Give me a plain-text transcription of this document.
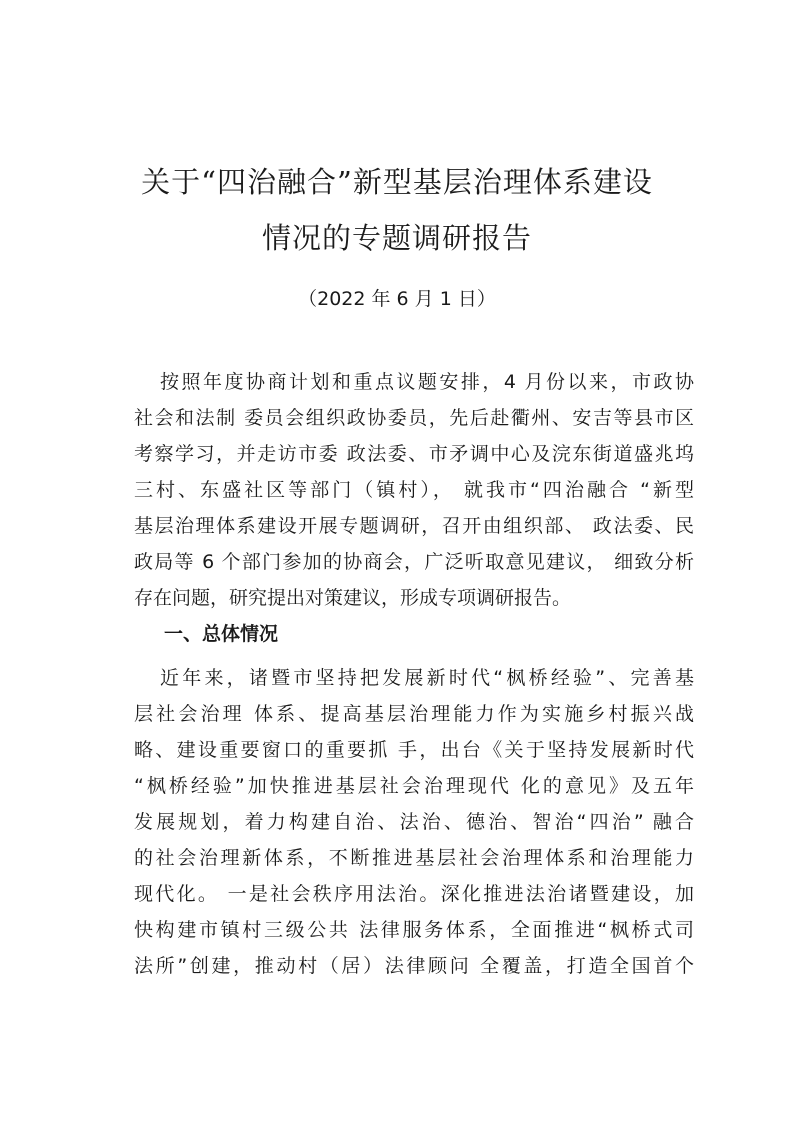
关于“四治融合”新型基层治理体系建设
情况的专题调研报告
（2022 年 6 月 1 日）
按照年度协商计划和重点议题安排，4 月份以来，市政协
社会和法制 委员会组织政协委员，先后赴衢州、安吉等县市区
考察学习，并走访市委 政法委、市矛调中心及浣东街道盛兆坞
三村、东盛社区等部门（镇村）， 就我市“四治融合 “新型
基层治理体系建设开展专题调研，召开由组织部、 政法委、民
政局等 6 个部门参加的协商会，广泛听取意见建议， 细致分析
存在问题，研究提出对策建议，形成专项调研报告。
一、总体情况
近年来，诸暨市坚持把发展新时代“枫桥经验”、完善基
层社会治理 体系、提高基层治理能力作为实施乡村振兴战
略、建设重要窗口的重要抓 手，出台《关于坚持发展新时代
“枫桥经验”加快推进基层社会治理现代 化的意见》及五年
发展规划，着力构建自治、法治、德治、智治“四治” 融合
的社会治理新体系，不断推进基层社会治理体系和治理能力
现代化。 一是社会秩序用法治。深化推进法治诸暨建设，加
快构建市镇村三级公共 法律服务体系，全面推进“枫桥式司
法所”创建，推动村（居）法律顾问 全覆盖，打造全国首个
